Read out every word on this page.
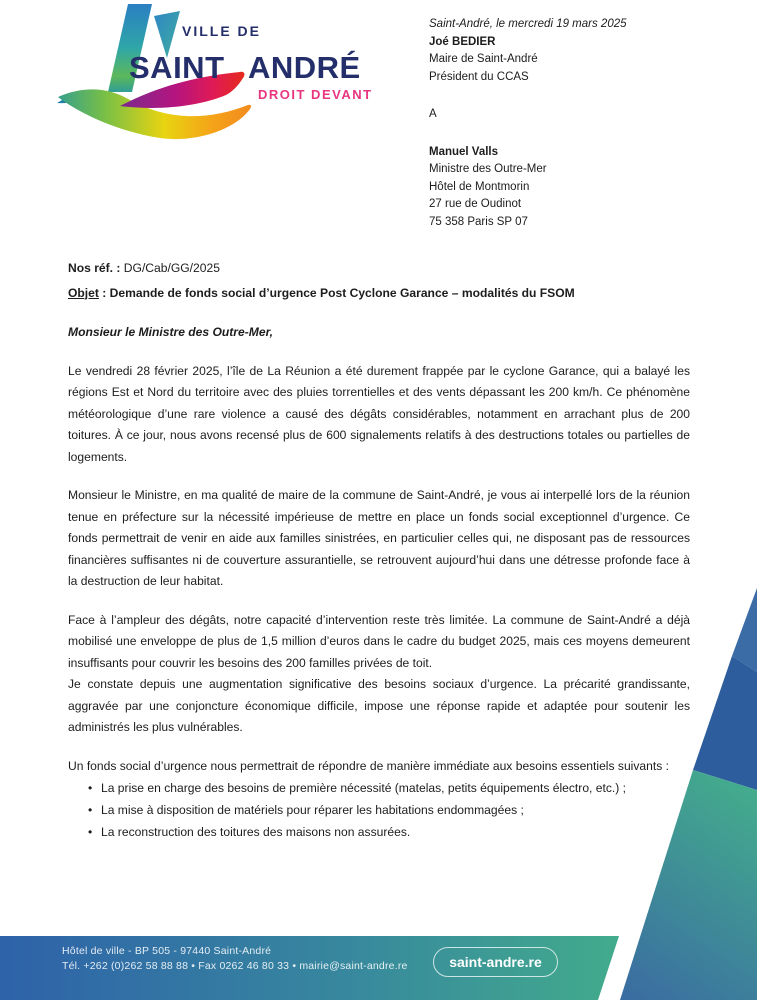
VILLE DE
SAINT ANDRÉ
DROIT DEVANT

Saint-André, le mercredi 19 mars 2025

Joé BEDIER

Maire de Saint-André

Président du CCAS

A

Manuel Valls

Ministre des Outre-Mer

Hôtel de Montmorin

27 rue de Oudinot

75 358 Paris SP 07

Nos réf. : DG/Cab/GG/2025

Objet : Demande de fonds social d’urgence Post Cyclone Garance – modalités du FSOM

Monsieur le Ministre des Outre-Mer,

Le vendredi 28 février 2025, l’île de La Réunion a été durement frappée par le cyclone Garance, qui a balayé les régions Est et Nord du territoire avec des pluies torrentielles et des vents dépassant les 200 km/h. Ce phénomène météorologique d’une rare violence a causé des dégâts considérables, notamment en arrachant plus de 200 toitures. À ce jour, nous avons recensé plus de 600 signalements relatifs à des destructions totales ou partielles de logements.

Monsieur le Ministre, en ma qualité de maire de la commune de Saint-André, je vous ai interpellé lors de la réunion tenue en préfecture sur la nécessité impérieuse de mettre en place un fonds social exceptionnel d’urgence. Ce fonds permettrait de venir en aide aux familles sinistrées, en particulier celles qui, ne disposant pas de ressources financières suffisantes ni de couverture assurantielle, se retrouvent aujourd’hui dans une détresse profonde face à la destruction de leur habitat.

Face à l’ampleur des dégâts, notre capacité d’intervention reste très limitée. La commune de Saint-André a déjà mobilisé une enveloppe de plus de 1,5 million d’euros dans le cadre du budget 2025, mais ces moyens demeurent insuffisants pour couvrir les besoins des 200 familles privées de toit.

Je constate depuis une augmentation significative des besoins sociaux d’urgence. La précarité grandissante, aggravée par une conjoncture économique difficile, impose une réponse rapide et adaptée pour soutenir les administrés les plus vulnérables.

Un fonds social d’urgence nous permettrait de répondre de manière immédiate aux besoins essentiels suivants :

• La prise en charge des besoins de première nécessité (matelas, petits équipements électro, etc.) ;
• La mise à disposition de matériels pour réparer les habitations endommagées ;
• La reconstruction des toitures des maisons non assurées.
Hôtel de ville - BP 505 - 97440 Saint-André
Tél. +262 (0)262 58 88 88 • Fax 0262 46 80 33 • mairie@saint-andre.re	saint-andre.re
